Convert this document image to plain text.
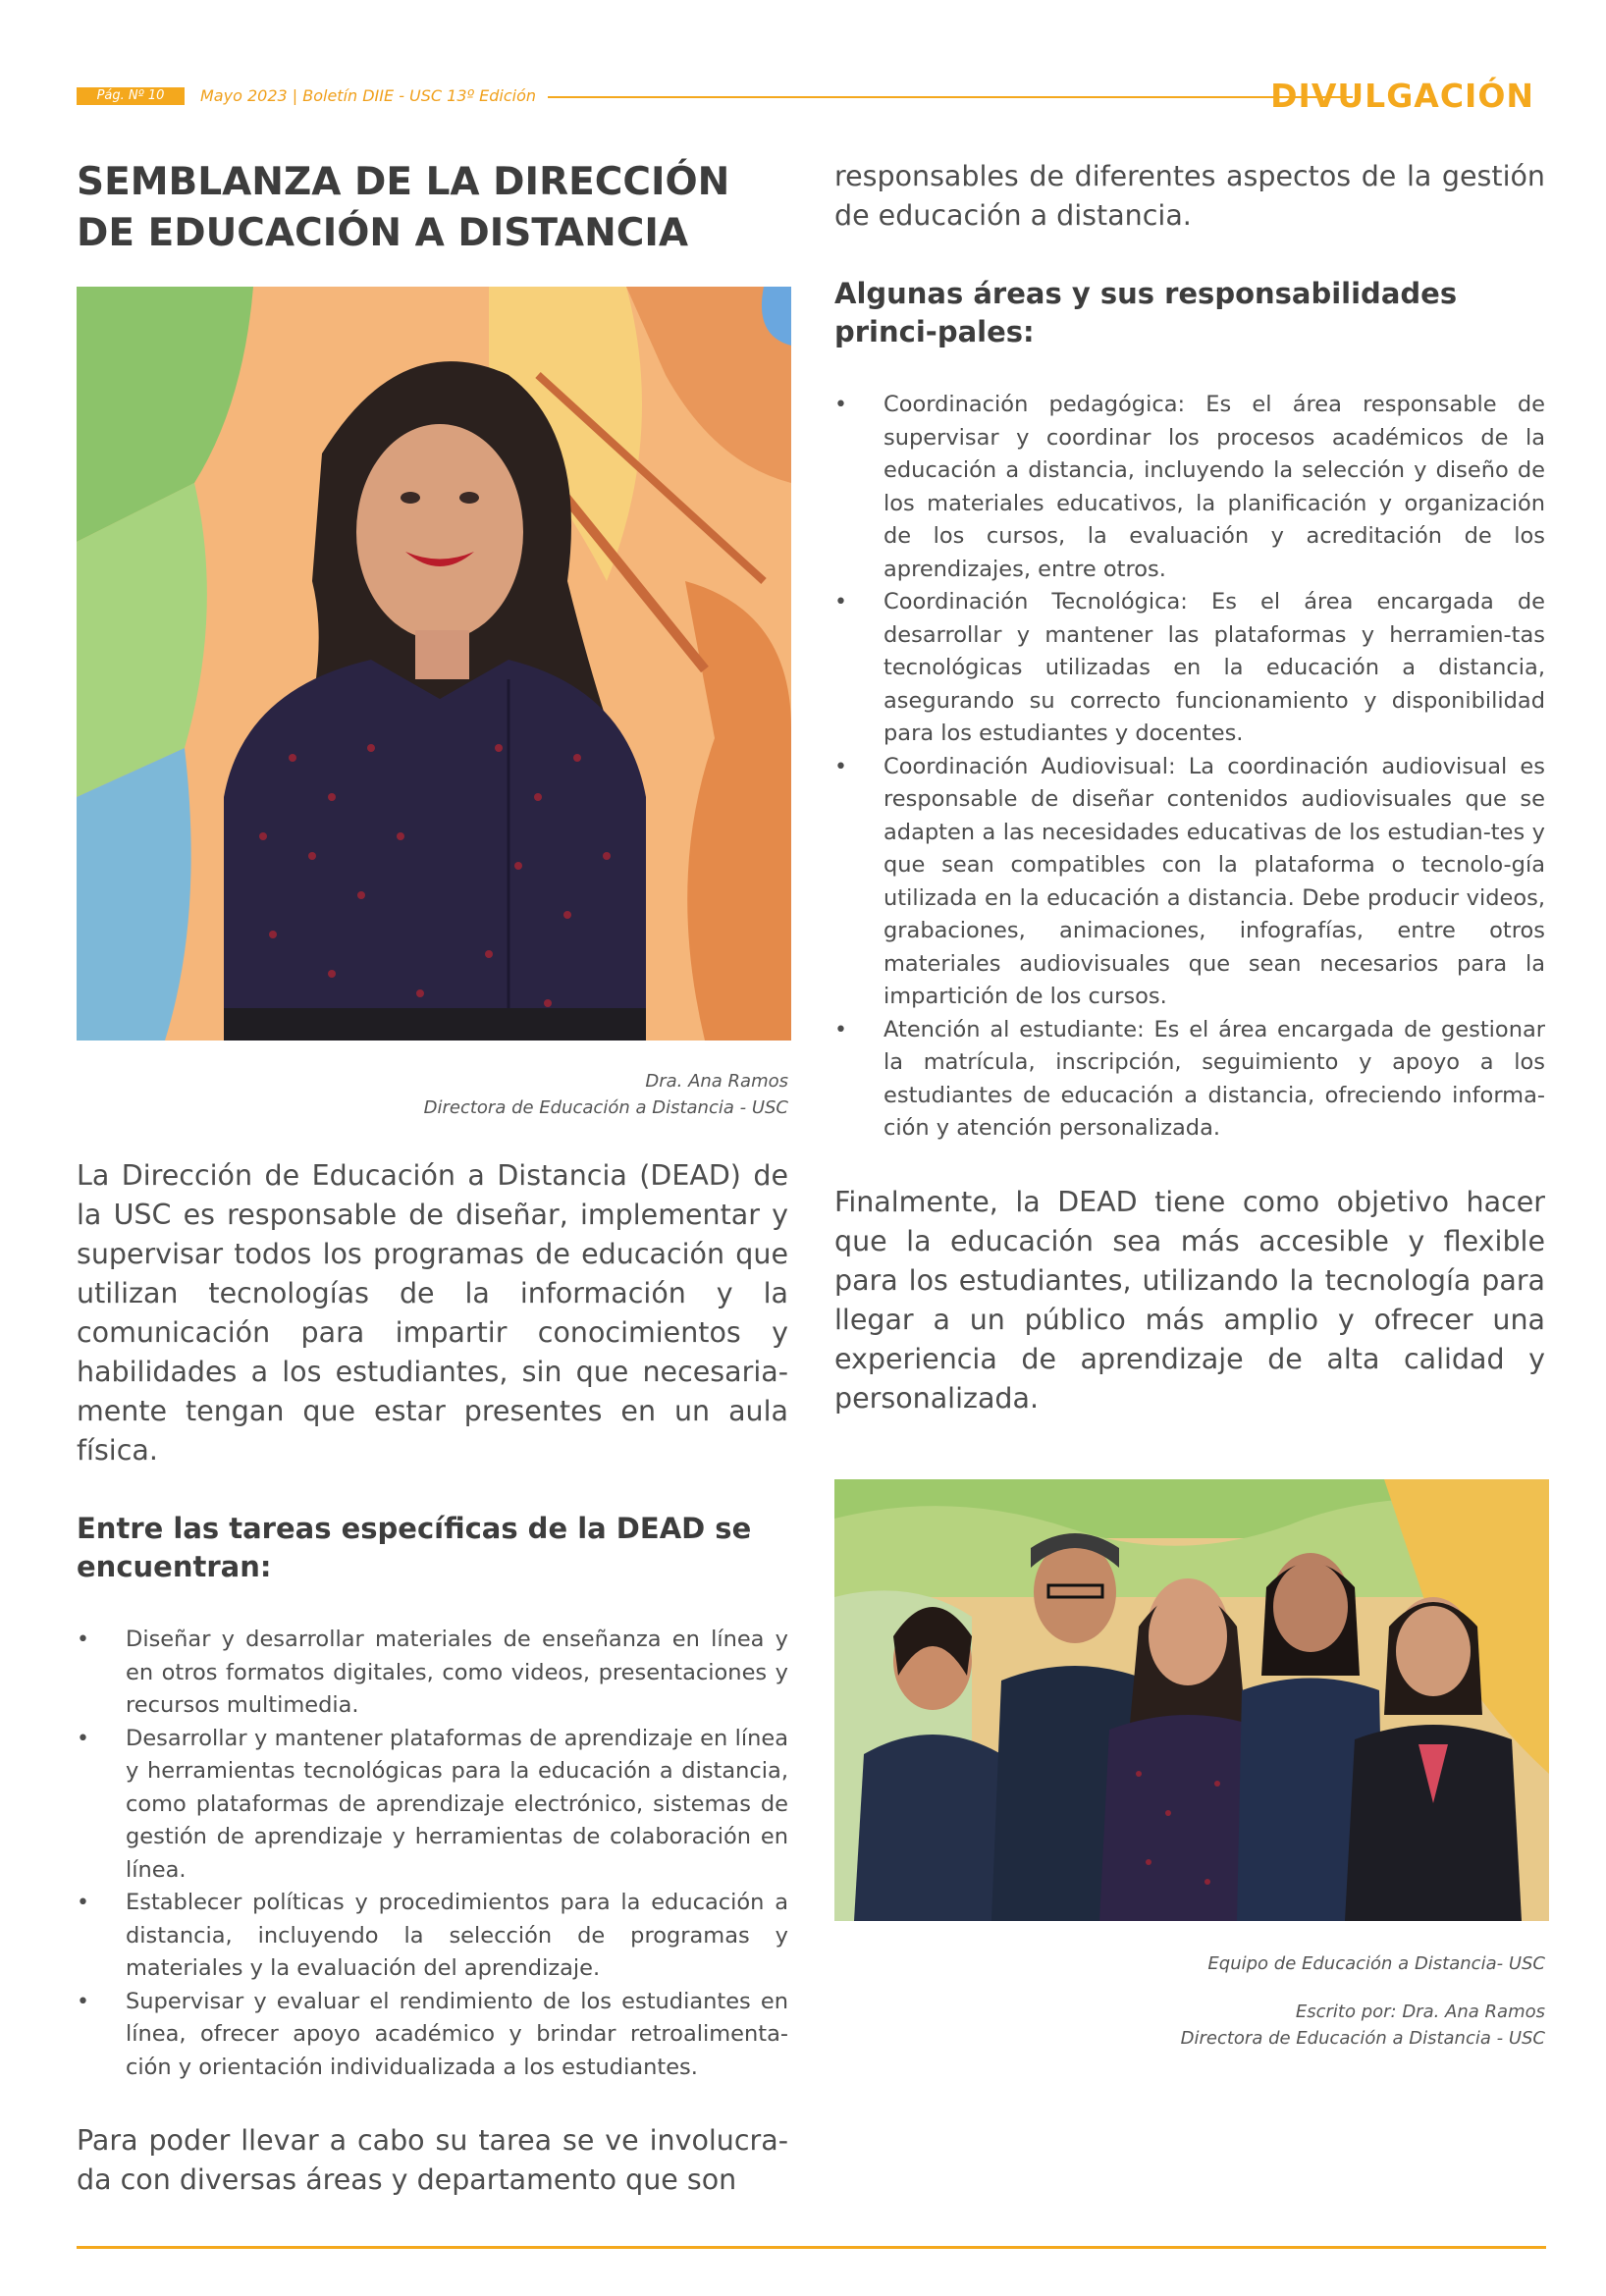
Pág. Nº 10	Mayo 2023 | Boletín DIIE - USC 13º Edición	DIVULGACIÓN
SEMBLANZA DE LA DIRECCIÓN DE EDUCACIÓN A DISTANCIA
Dra. Ana Ramos
Directora de Educación a Distancia - USC

La Dirección de Educación a Distancia (DEAD) de la USC es responsable de diseñar, implementar y supervisar todos los programas de educación que utilizan tecnologías de la información y la comunicación para impartir conocimientos y habilidades a los estudiantes, sin que necesaria-mente tengan que estar presentes en un aula física.

Entre las tareas específicas de la DEAD se encuentran:
• Diseñar y desarrollar materiales de enseñanza en línea y en otros formatos digitales, como videos, presentaciones y recursos multimedia.
• Desarrollar y mantener plataformas de aprendizaje en línea y herramientas tecnológicas para la educación a distancia, como plataformas de aprendizaje electrónico, sistemas de gestión de aprendizaje y herramientas de colaboración en línea.
• Establecer políticas y procedimientos para la educación a distancia, incluyendo la selección de programas y materiales y la evaluación del aprendizaje.
• Supervisar y evaluar el rendimiento de los estudiantes en línea, ofrecer apoyo académico y brindar retroalimenta-ción y orientación individualizada a los estudiantes.

Para poder llevar a cabo su tarea se ve involucra-da con diversas áreas y departamento que son

responsables de diferentes aspectos de la gestión de educación a distancia.

Algunas áreas y sus responsabilidades princi-pales:
• Coordinación pedagógica: Es el área responsable de supervisar y coordinar los procesos académicos de la educación a distancia, incluyendo la selección y diseño de los materiales educativos, la planificación y organización de los cursos, la evaluación y acreditación de los aprendizajes, entre otros.
• Coordinación Tecnológica: Es el área encargada de desarrollar y mantener las plataformas y herramien-tas tecnológicas utilizadas en la educación a distancia, asegurando su correcto funcionamiento y disponibilidad para los estudiantes y docentes.
• Coordinación Audiovisual: La coordinación audiovisual es responsable de diseñar contenidos audiovisuales que se adapten a las necesidades educativas de los estudian-tes y que sean compatibles con la plataforma o tecnolo-gía utilizada en la educación a distancia. Debe producir videos, grabaciones, animaciones, infografías, entre otros materiales audiovisuales que sean necesarios para la impartición de los cursos.
• Atención al estudiante: Es el área encargada de gestionar la matrícula, inscripción, seguimiento y apoyo a los estudiantes de educación a distancia, ofreciendo informa-ción y atención personalizada.

Finalmente, la DEAD tiene como objetivo hacer que la educación sea más accesible y flexible para los estudiantes, utilizando la tecnología para llegar a un público más amplio y ofrecer una experiencia de aprendizaje de alta calidad y personalizada.

Equipo de Educación a Distancia- USC
Escrito por: Dra. Ana Ramos
Directora de Educación a Distancia - USC
